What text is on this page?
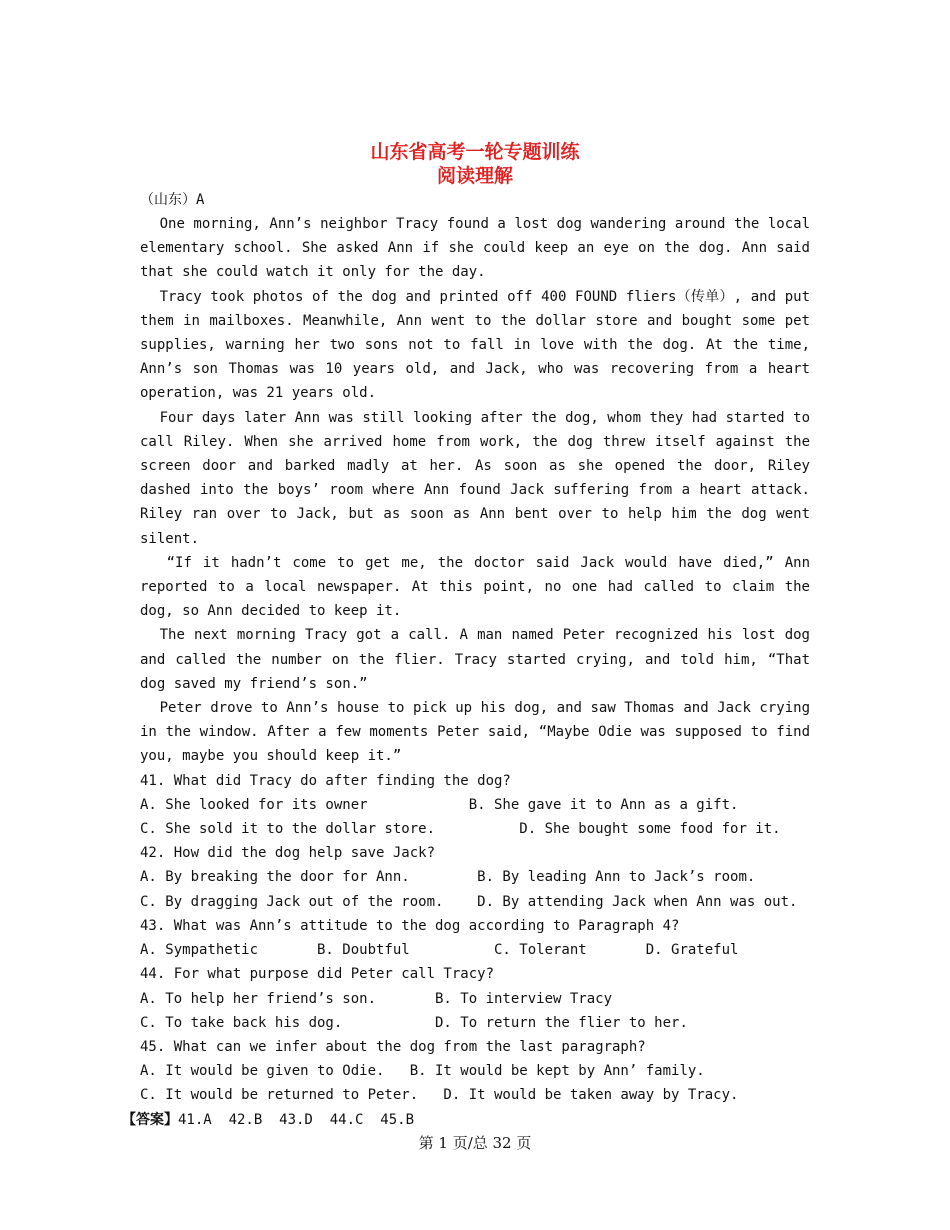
山东省高考一轮专题训练

阅读理解

（山东）A

One morning, Ann’s neighbor Tracy found a lost dog wandering around the local elementary school. She asked Ann if she could keep an eye on the dog. Ann said that she could watch it only for the day.

Tracy took photos of the dog and printed off 400 FOUND fliers（传单）, and put them in mailboxes. Meanwhile, Ann went to the dollar store and bought some pet supplies, warning her two sons not to fall in love with the dog. At the time, Ann’s son Thomas was 10 years old, and Jack, who was recovering from a heart operation, was 21 years old.

Four days later Ann was still looking after the dog, whom they had started to call Riley. When she arrived home from work, the dog threw itself against the screen door and barked madly at her. As soon as she opened the door, Riley dashed into the boys’ room where Ann found Jack suffering from a heart attack. Riley ran over to Jack, but as soon as Ann bent over to help him the dog went silent.

“If it hadn’t come to get me, the doctor said Jack would have died,” Ann reported to a local newspaper. At this point, no one had called to claim the dog, so Ann decided to keep it.

The next morning Tracy got a call. A man named Peter recognized his lost dog and called the number on the flier. Tracy started crying, and told him, “That dog saved my friend’s son.”

Peter drove to Ann’s house to pick up his dog, and saw Thomas and Jack crying in the window. After a few moments Peter said, “Maybe Odie was supposed to find you, maybe you should keep it.”

41. What did Tracy do after finding the dog?

A. She looked for its owner            B. She gave it to Ann as a gift.

C. She sold it to the dollar store.          D. She bought some food for it.

42. How did the dog help save Jack?

A. By breaking the door for Ann.        B. By leading Ann to Jack’s room.

C. By dragging Jack out of the room.    D. By attending Jack when Ann was out.

43. What was Ann’s attitude to the dog according to Paragraph 4?

A. Sympathetic       B. Doubtful          C. Tolerant       D. Grateful

44. For what purpose did Peter call Tracy?

A. To help her friend’s son.       B. To interview Tracy

C. To take back his dog.           D. To return the flier to her.

45. What can we infer about the dog from the last paragraph?

A. It would be given to Odie.   B. It would be kept by Ann’ family.

C. It would be returned to Peter.   D. It would be taken away by Tracy.

【答案】41.A  42.B  43.D  44.C  45.B

第 1 页/总 32 页
